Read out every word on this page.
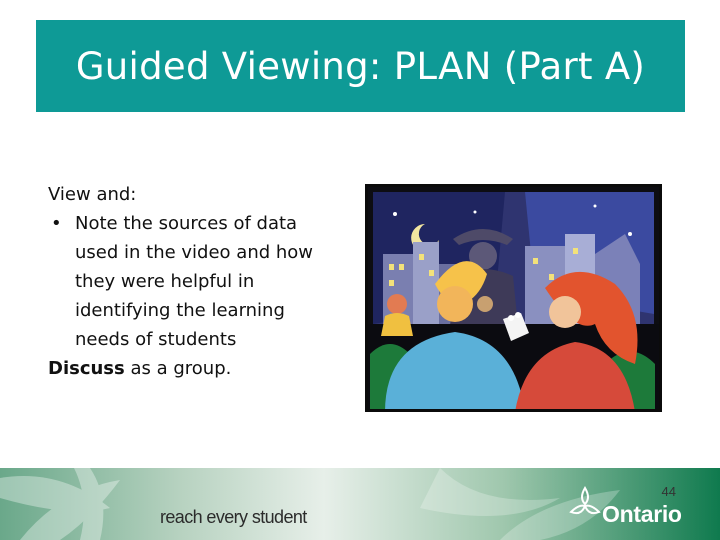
Guided Viewing: PLAN (Part A)
View and:
• Note the sources of data
used in the video and how
they were helpful in
identifying the learning
needs of students
Discuss as a group.
44
reach every student	Ontario
